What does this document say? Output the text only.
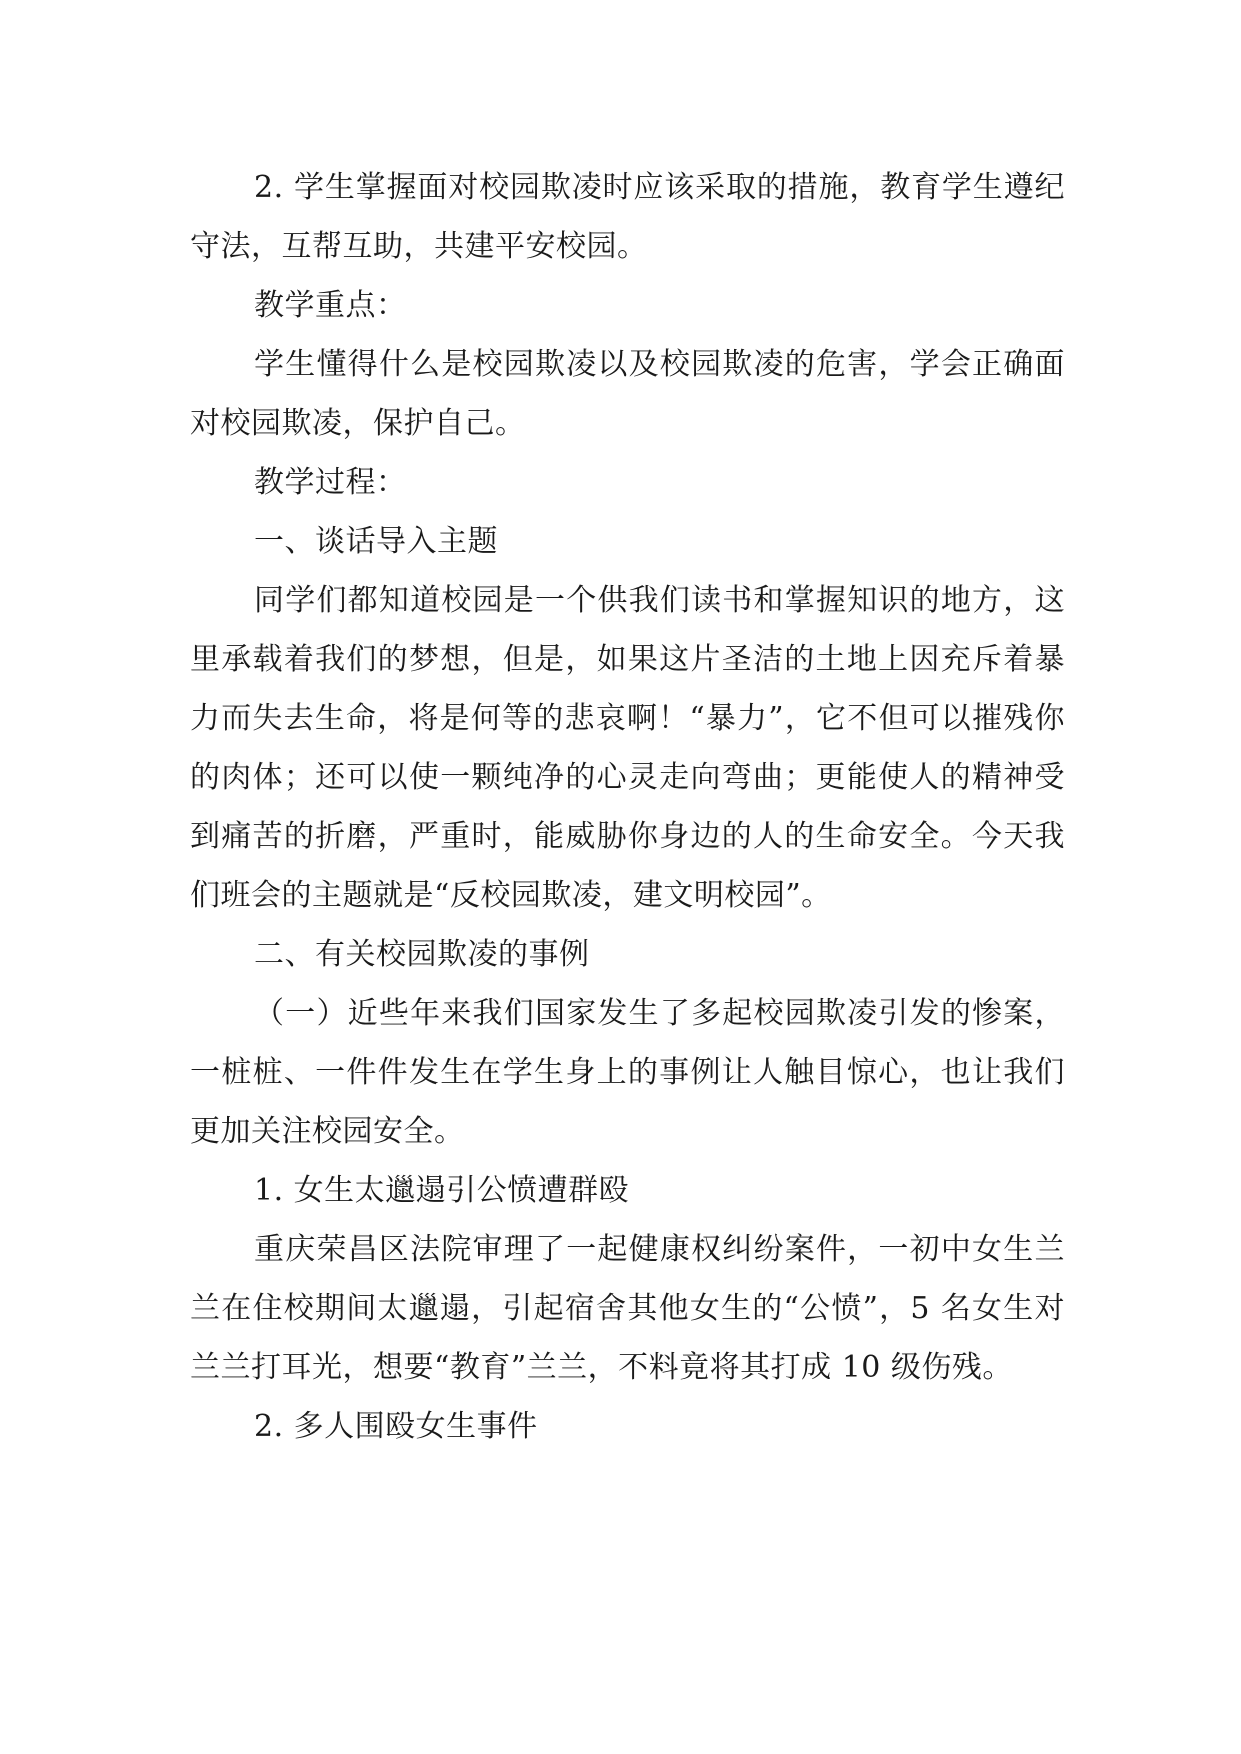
2. 学生掌握面对校园欺凌时应该采取的措施，教育学生遵纪守法，互帮互助，共建平安校园。

教学重点：

学生懂得什么是校园欺凌以及校园欺凌的危害，学会正确面对校园欺凌，保护自己。

教学过程：

一、谈话导入主题

同学们都知道校园是一个供我们读书和掌握知识的地方，这里承载着我们的梦想，但是，如果这片圣洁的土地上因充斥着暴力而失去生命，将是何等的悲哀啊！“暴力”，它不但可以摧残你的肉体；还可以使一颗纯净的心灵走向弯曲；更能使人的精神受到痛苦的折磨，严重时，能威胁你身边的人的生命安全。今天我们班会的主题就是“反校园欺凌，建文明校园”。

二、有关校园欺凌的事例

（一）近些年来我们国家发生了多起校园欺凌引发的惨案，一桩桩、一件件发生在学生身上的事例让人触目惊心，也让我们更加关注校园安全。

1. 女生太邋遢引公愤遭群殴

重庆荣昌区法院审理了一起健康权纠纷案件，一初中女生兰兰在住校期间太邋遢，引起宿舍其他女生的“公愤”，5 名女生对兰兰打耳光，想要“教育”兰兰，不料竟将其打成 10 级伤残。

2. 多人围殴女生事件
